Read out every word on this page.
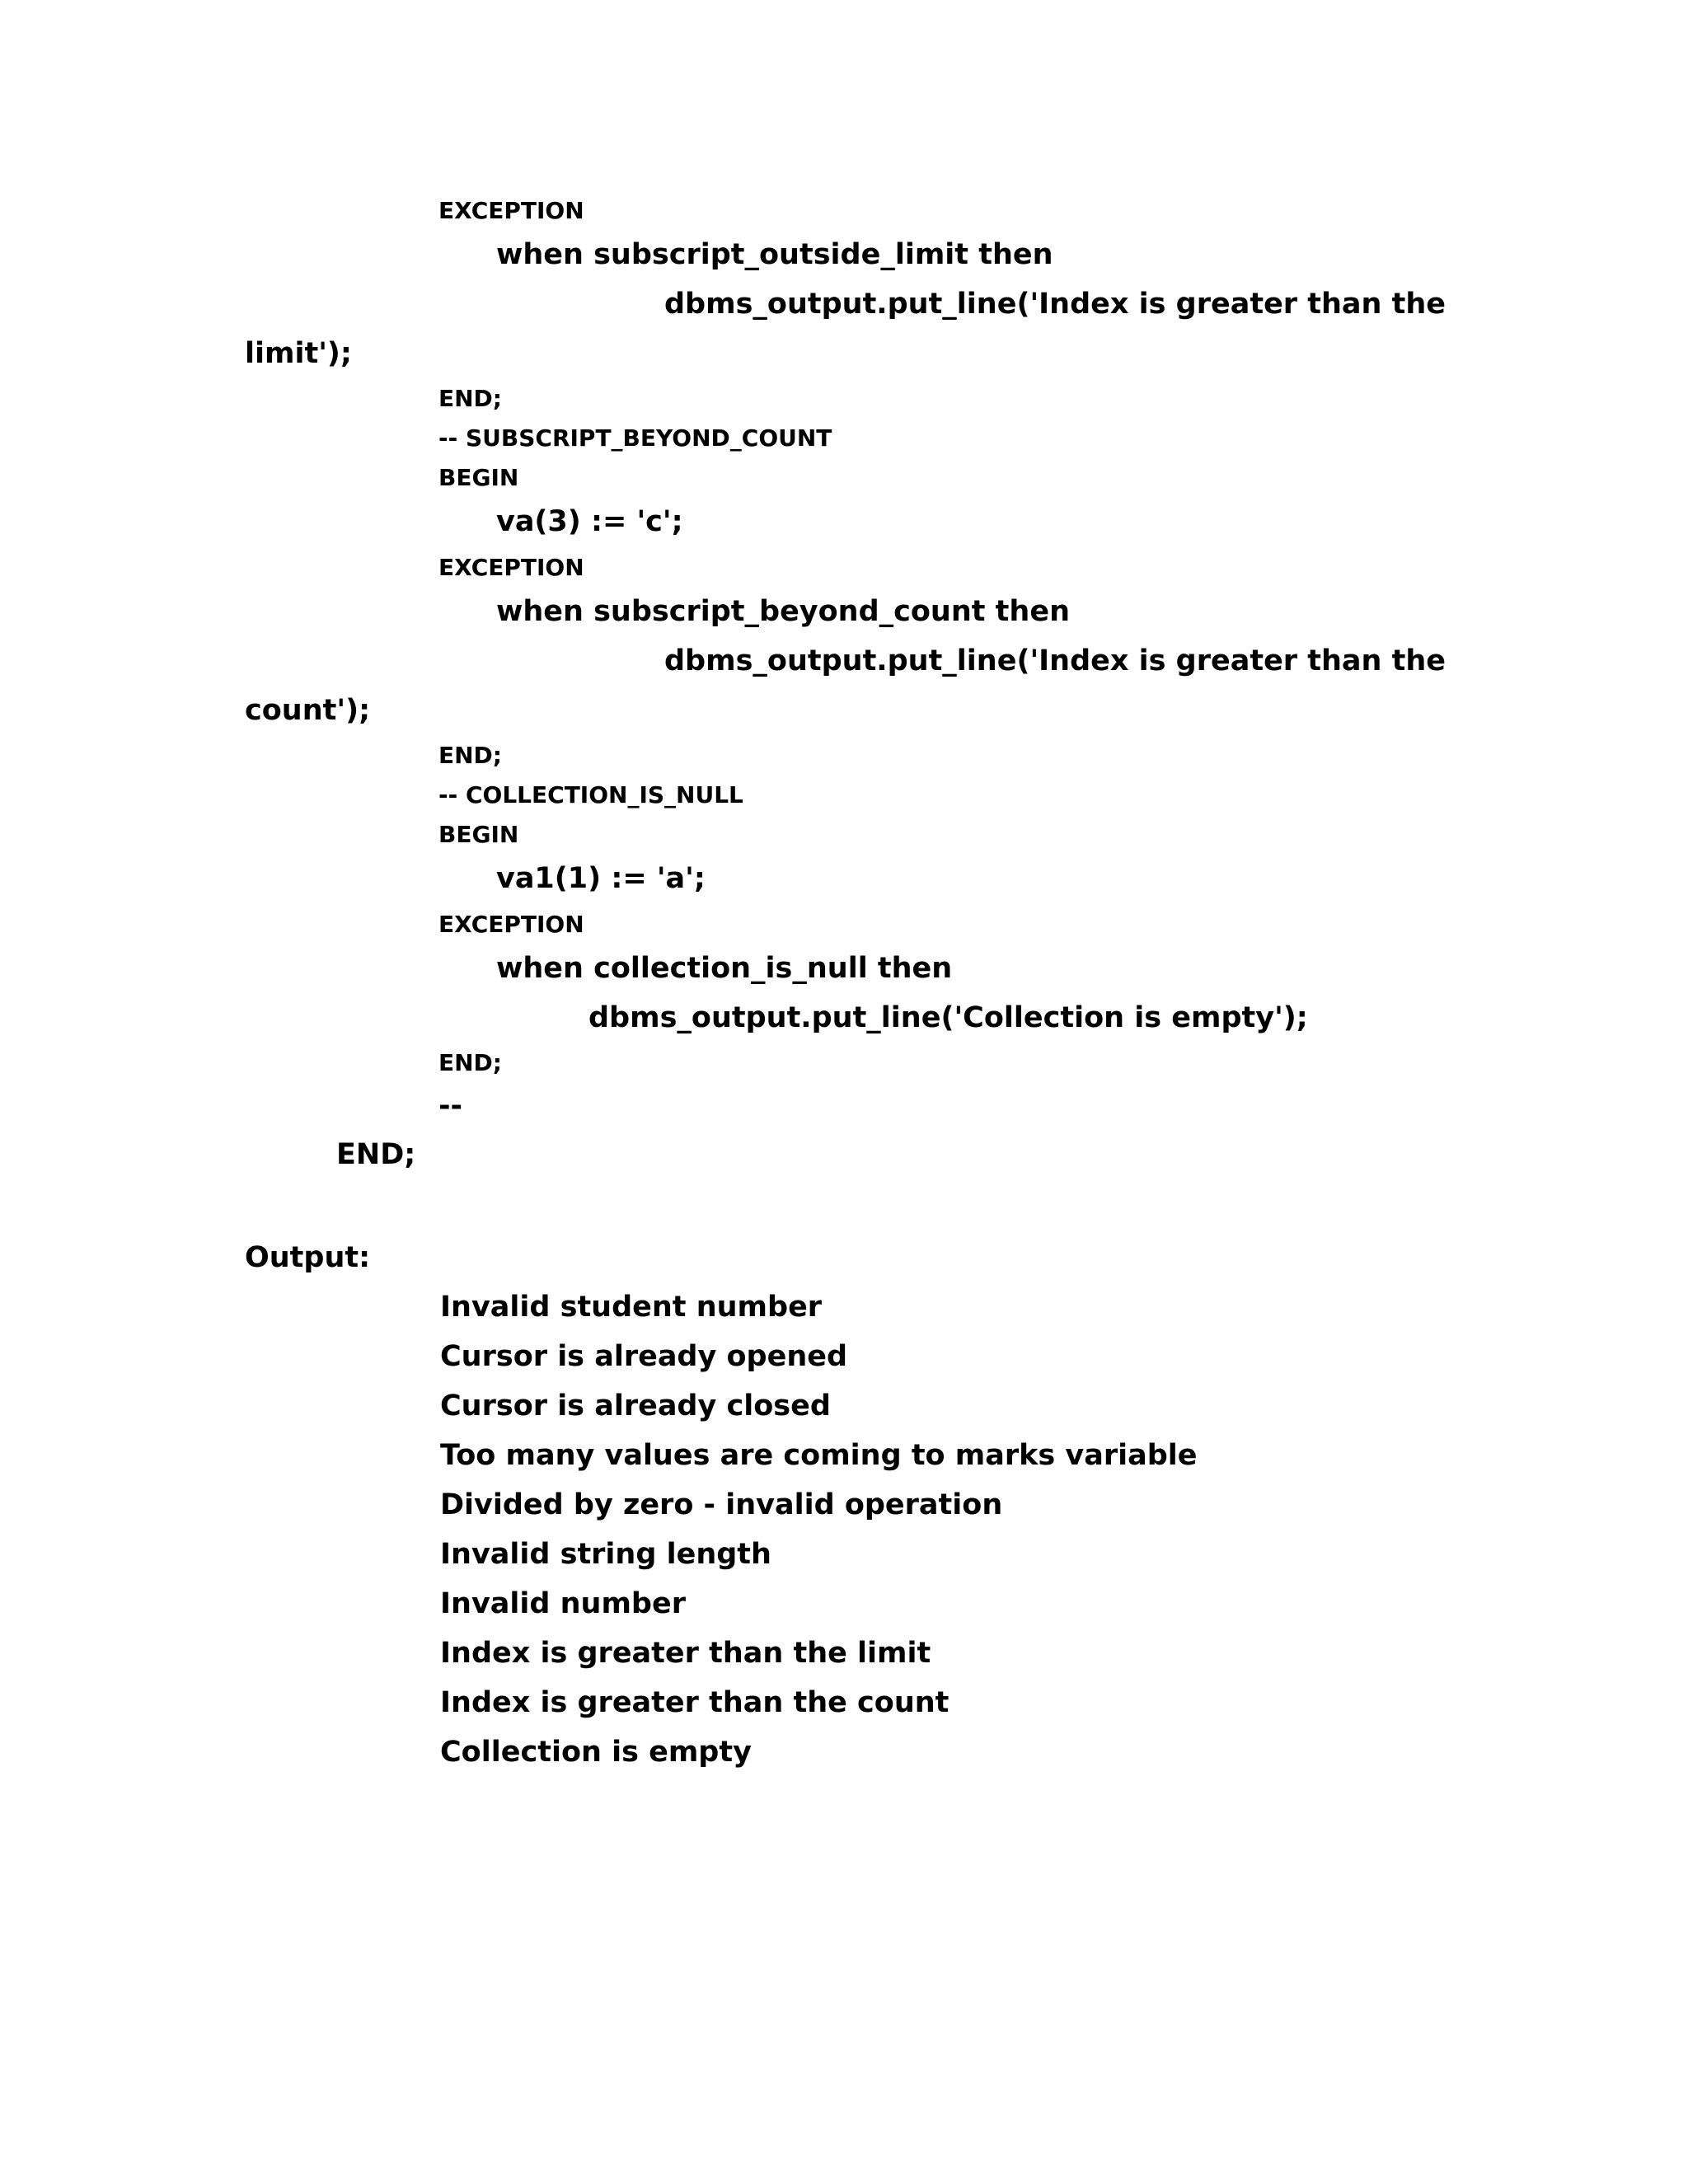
EXCEPTION
when subscript_outside_limit then
dbms_output.put_line('Index is greater than the
limit');
END;
-- SUBSCRIPT_BEYOND_COUNT
BEGIN
va(3) := 'c';
EXCEPTION
when subscript_beyond_count then
dbms_output.put_line('Index is greater than the
count');
END;
-- COLLECTION_IS_NULL
BEGIN
va1(1) := 'a';
EXCEPTION
when collection_is_null then
dbms_output.put_line('Collection is empty');
END;
--
END;
Output:
Invalid student number
Cursor is already opened
Cursor is already closed
Too many values are coming to marks variable
Divided by zero - invalid operation
Invalid string length
Invalid number
Index is greater than the limit
Index is greater than the count
Collection is empty
